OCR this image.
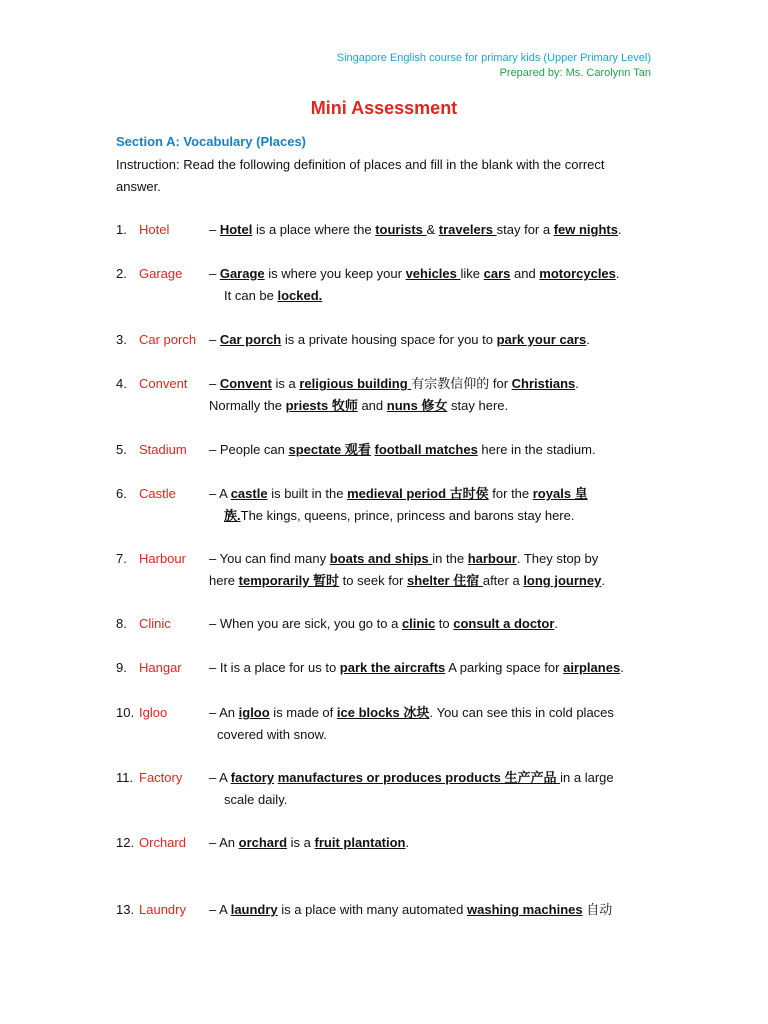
Singapore English course for primary kids (Upper Primary Level)
Prepared by: Ms. Carolynn Tan
Mini Assessment
Section A: Vocabulary (Places)
Instruction: Read the following definition of places and fill in the blank with the correct answer.
1. Hotel	– Hotel is a place where the tourists & travelers stay for a few nights.
2. Garage – Garage is where you keep your vehicles like cars and motorcycles.
It can be locked.
3. Car porch – Car porch is a private housing space for you to park your cars.
4. Convent – Convent is a religious building 有宗教信仰的 for Christians.
Normally the priests 牧师 and nuns 修女 stay here.
5. Stadium – People can spectate 观看 football matches here in the stadium.
6. Castle	– A castle is built in the medieval period 古时侯 for the royals 皇
族.The kings, queens, prince, princess and barons stay here.
7. Harbour – You can find many boats and ships in the harbour. They stop by
here temporarily 暂时 to seek for shelter 住宿 after a long journey.
8. Clinic	– When you are sick, you go to a clinic to consult a doctor.
9. Hangar – It is a place for us to park the aircrafts A parking space for airplanes.
10. Igloo	– An igloo is made of ice blocks 冰块. You can see this in cold places
covered with snow.
11. Factory – A factory manufactures or produces products 生产产品 in a large
scale daily.
12. Orchard – An orchard is a fruit plantation.
13. Laundry – A laundry is a place with many automated washing machines 自动
